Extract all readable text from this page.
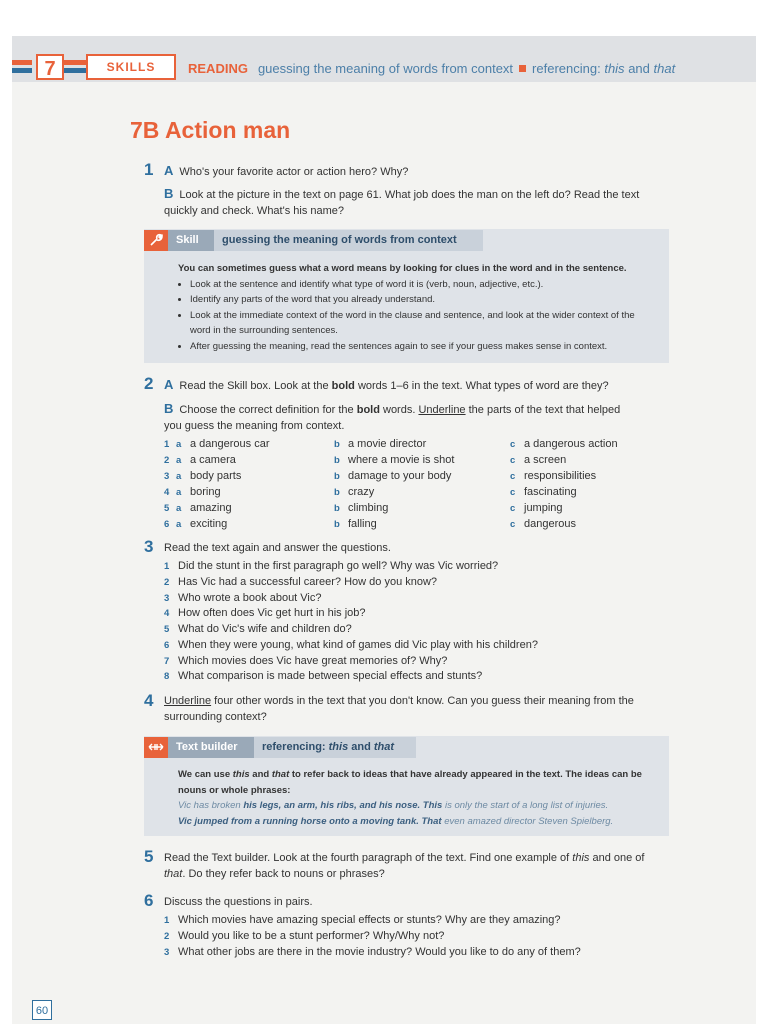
7	SKILLS	READING guessing the meaning of words from context referencing: this and that
7B Action man
1 A Who's your favorite actor or action hero? Why?
B Look at the picture in the text on page 61. What job does the man on the left do? Read the text quickly and check. What's his name?
Skill	guessing the meaning of words from context
You can sometimes guess what a word means by looking for clues in the word and in the sentence.
• Look at the sentence and identify what type of word it is (verb, noun, adjective, etc.).
• Identify any parts of the word that you already understand.
• Look at the immediate context of the word in the clause and sentence, and look at the wider context of the word in the surrounding sentences.
• After guessing the meaning, read the sentences again to see if your guess makes sense in context.
2 A Read the Skill box. Look at the bold words 1–6 in the text. What types of word are they?
B Choose the correct definition for the bold words. Underline the parts of the text that helped you guess the meaning from context.
1 a a dangerous car	b a movie director	c a dangerous action
2 a a camera	b where a movie is shot	c a screen
3 a body parts	b damage to your body	c responsibilities
4 a boring	b crazy	c fascinating
5 a amazing	b climbing	c jumping
6 a exciting	b falling	c dangerous
3 Read the text again and answer the questions.
1 Did the stunt in the first paragraph go well? Why was Vic worried?
2 Has Vic had a successful career? How do you know?
3 Who wrote a book about Vic?
4 How often does Vic get hurt in his job?
5 What do Vic's wife and children do?
6 When they were young, what kind of games did Vic play with his children?
7 Which movies does Vic have great memories of? Why?
8 What comparison is made between special effects and stunts?
4 Underline four other words in the text that you don't know. Can you guess their meaning from the surrounding context?
Text builder	referencing: this and that
We can use this and that to refer back to ideas that have already appeared in the text. The ideas can be nouns or whole phrases:
Vic has broken his legs, an arm, his ribs, and his nose. This is only the start of a long list of injuries.
Vic jumped from a running horse onto a moving tank. That even amazed director Steven Spielberg.
5 Read the Text builder. Look at the fourth paragraph of the text. Find one example of this and one of that. Do they refer back to nouns or phrases?
6 Discuss the questions in pairs.
1 Which movies have amazing special effects or stunts? Why are they amazing?
2 Would you like to be a stunt performer? Why/Why not?
3 What other jobs are there in the movie industry? Would you like to do any of them?
60
